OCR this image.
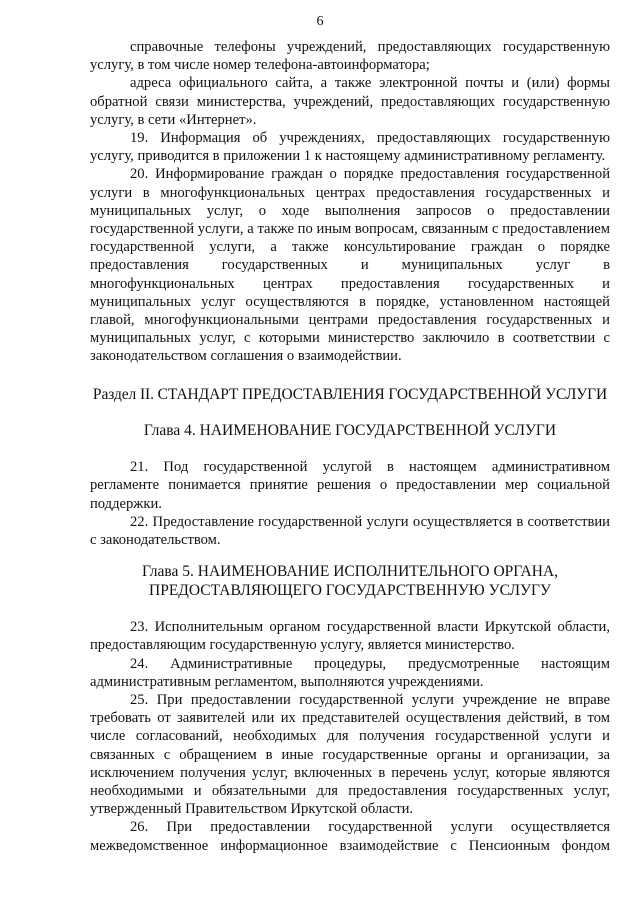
6

справочные телефоны учреждений, предоставляющих государственную услугу, в том числе номер телефона-автоинформатора;

адреса официального сайта, а также электронной почты и (или) формы обратной связи министерства, учреждений, предоставляющих государственную услугу, в сети «Интернет».

19. Информация об учреждениях, предоставляющих государственную услугу, приводится в приложении 1 к настоящему административному регламенту.

20. Информирование граждан о порядке предоставления государственной услуги в многофункциональных центрах предоставления государственных и муниципальных услуг, о ходе выполнения запросов о предоставлении государственной услуги, а также по иным вопросам, связанным с предоставлением государственной услуги, а также консультирование граждан о порядке предоставления государственных и муниципальных услуг в многофункциональных центрах предоставления государственных и муниципальных услуг осуществляются в порядке, установленном настоящей главой, многофункциональными центрами предоставления государственных и муниципальных услуг, с которыми министерство заключило в соответствии с законодательством соглашения о взаимодействии.

Раздел II. СТАНДАРТ ПРЕДОСТАВЛЕНИЯ ГОСУДАРСТВЕННОЙ УСЛУГИ
Глава 4. НАИМЕНОВАНИЕ ГОСУДАРСТВЕННОЙ УСЛУГИ

21. Под государственной услугой в настоящем административном регламенте понимается принятие решения о предоставлении мер социальной поддержки.

22. Предоставление государственной услуги осуществляется в соответствии с законодательством.

Глава 5. НАИМЕНОВАНИЕ ИСПОЛНИТЕЛЬНОГО ОРГАНА, ПРЕДОСТАВЛЯЮЩЕГО ГОСУДАРСТВЕННУЮ УСЛУГУ

23. Исполнительным органом государственной власти Иркутской области, предоставляющим государственную услугу, является министерство.

24. Административные процедуры, предусмотренные настоящим административным регламентом, выполняются учреждениями.

25. При предоставлении государственной услуги учреждение не вправе требовать от заявителей или их представителей осуществления действий, в том числе согласований, необходимых для получения государственной услуги и связанных с обращением в иные государственные органы и организации, за исключением получения услуг, включенных в перечень услуг, которые являются необходимыми и обязательными для предоставления государственных услуг, утвержденный Правительством Иркутской области.

26. При предоставлении государственной услуги осуществляется межведомственное информационное взаимодействие с Пенсионным фондом
